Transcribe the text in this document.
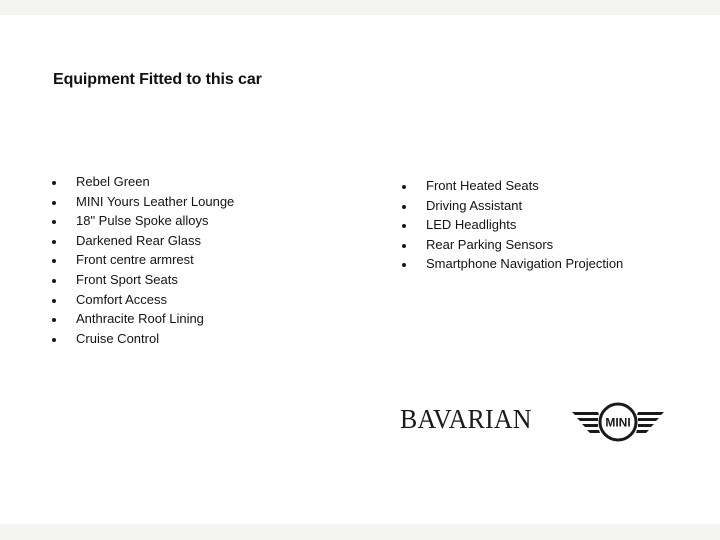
Equipment Fitted to this car
Rebel Green
MINI Yours Leather Lounge
18" Pulse Spoke alloys
Darkened Rear Glass
Front centre armrest
Front Sport Seats
Comfort Access
Anthracite Roof Lining
Cruise Control
Front Heated Seats
Driving Assistant
LED Headlights
Rear Parking Sensors
Smartphone Navigation Projection
BAVARIAN	MINI
